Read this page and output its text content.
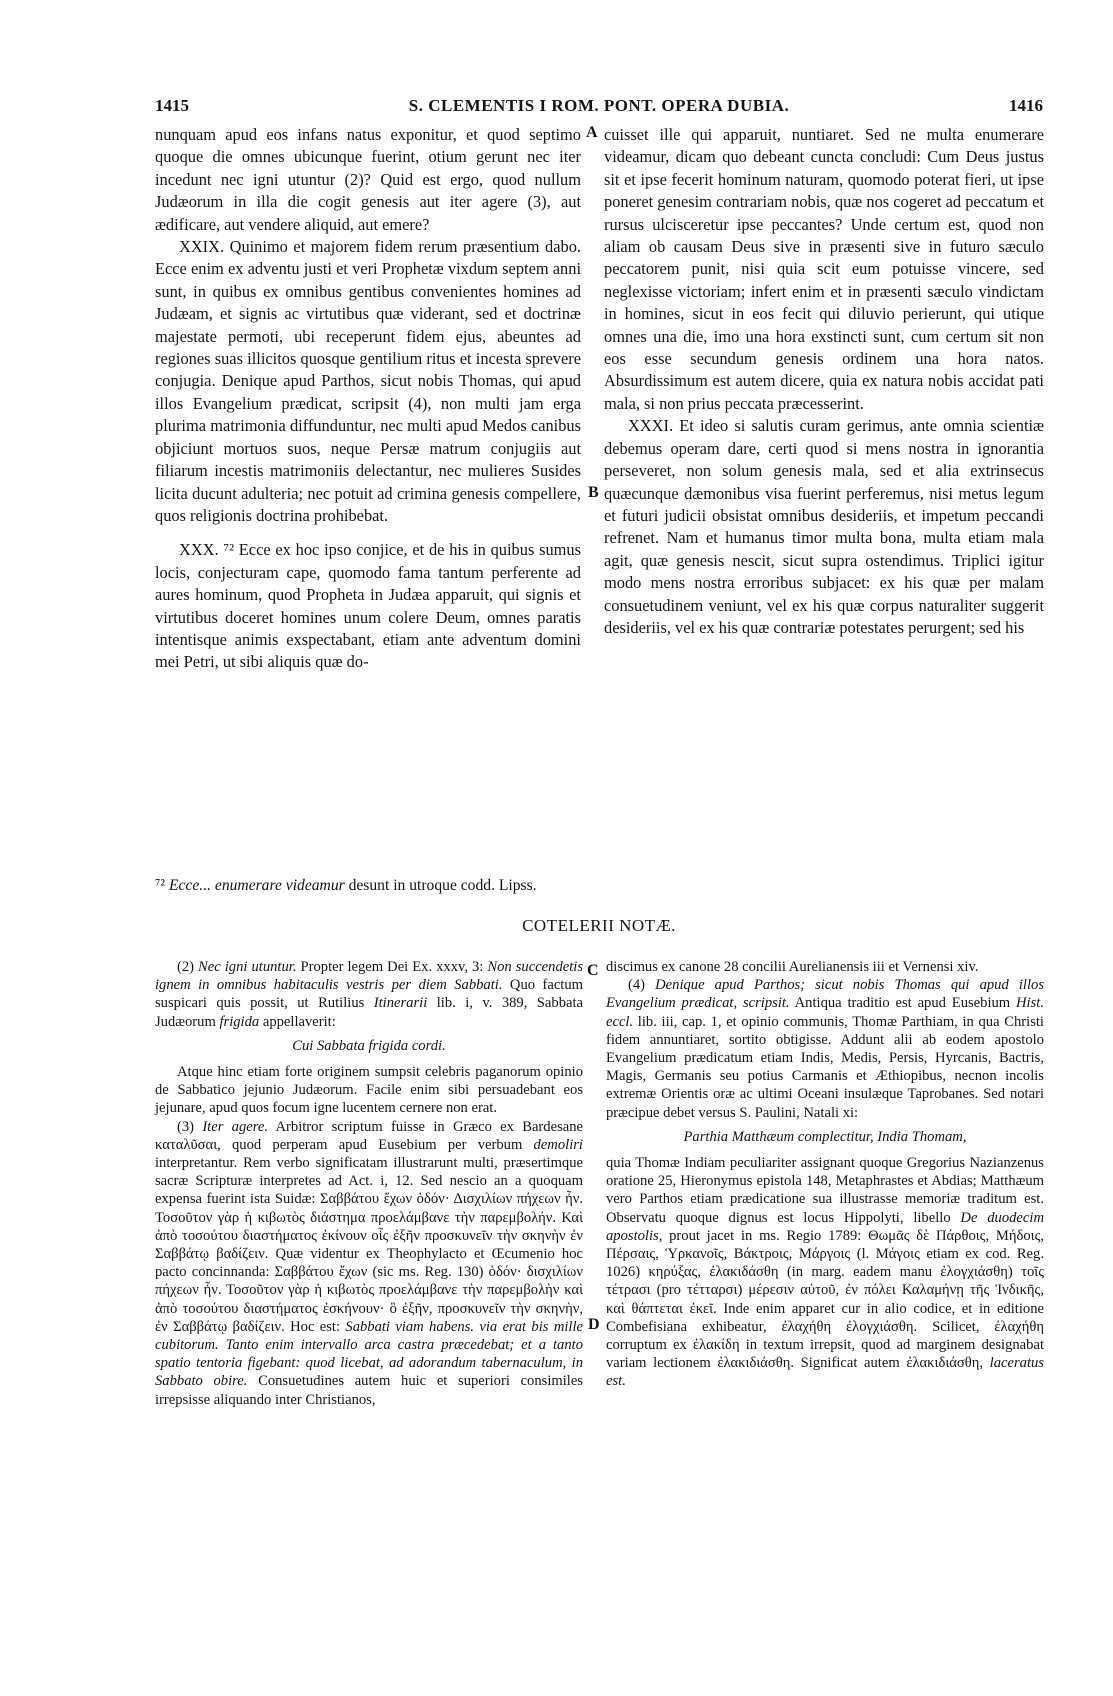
1415	S. CLEMENTIS I ROM. PONT. OPERA DUBIA.	1416
A
B
C
D

nunquam apud eos infans natus exponitur, et quod septimo quoque die omnes ubicunque fuerint, otium gerunt nec iter incedunt nec igni utuntur (2)? Quid est ergo, quod nullum Judæorum in illa die cogit genesis aut iter agere (3), aut ædificare, aut vendere aliquid, aut emere?

XXIX. Quinimo et majorem fidem rerum præsentium dabo. Ecce enim ex adventu justi et veri Prophetæ vixdum septem anni sunt, in quibus ex omnibus gentibus convenientes homines ad Judæam, et signis ac virtutibus quæ viderant, sed et doctrinæ majestate permoti, ubi receperunt fidem ejus, abeuntes ad regiones suas illicitos quosque gentilium ritus et incesta sprevere conjugia. Denique apud Parthos, sicut nobis Thomas, qui apud illos Evangelium prædicat, scripsit (4), non multi jam erga plurima matrimonia diffunduntur, nec multi apud Medos canibus objiciunt mortuos suos, neque Persæ matrum conjugiis aut filiarum incestis matrimoniis delectantur, nec mulieres Susides licita ducunt adulteria; nec potuit ad crimina genesis compellere, quos religionis doctrina prohibebat.

XXX. ⁷² Ecce ex hoc ipso conjice, et de his in quibus sumus locis, conjecturam cape, quomodo fama tantum perferente ad aures hominum, quod Propheta in Judæa apparuit, qui signis et virtutibus doceret homines unum colere Deum, omnes paratis intentisque animis exspectabant, etiam ante adventum domini mei Petri, ut sibi aliquis quæ do-

cuisset ille qui apparuit, nuntiaret. Sed ne multa enumerare videamur, dicam quo debeant cuncta concludi: Cum Deus justus sit et ipse fecerit hominum naturam, quomodo poterat fieri, ut ipse poneret genesim contrariam nobis, quæ nos cogeret ad peccatum et rursus ulcisceretur ipse peccantes? Unde certum est, quod non aliam ob causam Deus sive in præsenti sive in futuro sæculo peccatorem punit, nisi quia scit eum potuisse vincere, sed neglexisse victoriam; infert enim et in præsenti sæculo vindictam in homines, sicut in eos fecit qui diluvio perierunt, qui utique omnes una die, imo una hora exstincti sunt, cum certum sit non eos esse secundum genesis ordinem una hora natos. Absurdissimum est autem dicere, quia ex natura nobis accidat pati mala, si non prius peccata præcesserint.

XXXI. Et ideo si salutis curam gerimus, ante omnia scientiæ debemus operam dare, certi quod si mens nostra in ignorantia perseveret, non solum genesis mala, sed et alia extrinsecus quæcunque dæmonibus visa fuerint perferemus, nisi metus legum et futuri judicii obsistat omnibus desideriis, et impetum peccandi refrenet. Nam et humanus timor multa bona, multa etiam mala agit, quæ genesis nescit, sicut supra ostendimus. Triplici igitur modo mens nostra erroribus subjacet: ex his quæ per malam consuetudinem veniunt, vel ex his quæ corpus naturaliter suggerit desideriis, vel ex his quæ contrariæ potestates perurgent; sed his

⁷² Ecce... enumerare videamur desunt in utroque codd. Lipss.
COTELERII NOTÆ.

(2) Nec igni utuntur. Propter legem Dei Ex. xxxv, 3: Non succendetis ignem in omnibus habitaculis vestris per diem Sabbati. Quo factum suspicari quis possit, ut Rutilius Itinerarii lib. i, v. 389, Sabbata Judæorum frigida appellaverit:

Cui Sabbata frigida cordi.

Atque hinc etiam forte originem sumpsit celebris paganorum opinio de Sabbatico jejunio Judæorum. Facile enim sibi persuadebant eos jejunare, apud quos focum igne lucentem cernere non erat.

(3) Iter agere. Arbitror scriptum fuisse in Græco ex Bardesane καταλῦσαι, quod perperam apud Eusebium per verbum demoliri interpretantur. Rem verbo significatam illustrarunt multi, præsertimque sacræ Scripturæ interpretes ad Act. i, 12. Sed nescio an a quoquam expensa fuerint ista Suidæ: Σαββάτου ἔχων ὁδόν· Δισχιλίων πήχεων ἦν. Τοσοῦτον γὰρ ἡ κιβωτὸς διάστημα προελάμβανε τὴν παρεμβολήν. Καὶ ἀπὸ τοσούτου διαστήματος ἐκίνουν οἷς ἐξῆν προσκυνεῖν τὴν σκηνὴν ἐν Σαββάτῳ βαδίζειν. Quæ videntur ex Theophylacto et Œcumenio hoc pacto concinnanda: Σαββάτου ἔχων (sic ms. Reg. 130) ὁδόν· δισχιλίων πήχεων ἦν. Τοσοῦτον γὰρ ἡ κιβωτὸς προελάμβανε τὴν παρεμβολὴν καὶ ἀπὸ τοσούτου διαστήματος ἐσκήνουν· ὃ ἐξῆν, προσκυνεῖν τὴν σκηνὴν, ἐν Σαββάτῳ βαδίζειν. Hoc est: Sabbati viam habens. via erat bis mille cubitorum. Tanto enim intervallo arca castra præcedebat; et a tanto spatio tentoria figebant: quod licebat, ad adorandum tabernaculum, in Sabbato obire. Consuetudines autem huic et superiori consimiles irrepsisse aliquando inter Christianos,

discimus ex canone 28 concilii Aurelianensis iii et Vernensi xiv.

(4) Denique apud Parthos; sicut nobis Thomas qui apud illos Evangelium prædicat, scripsit. Antiqua traditio est apud Eusebium Hist. eccl. lib. iii, cap. 1, et opinio communis, Thomæ Parthiam, in qua Christi fidem annuntiaret, sortito obtigisse. Addunt alii ab eodem apostolo Evangelium prædicatum etiam Indis, Medis, Persis, Hyrcanis, Bactris, Magis, Germanis seu potius Carmanis et Æthiopibus, necnon incolis extremæ Orientis oræ ac ultimi Oceani insulæque Taprobanes. Sed notari præcipue debet versus S. Paulini, Natali xi:

Parthia Matthæum complectitur, India Thomam,

quia Thomæ Indiam peculiariter assignant quoque Gregorius Nazianzenus oratione 25, Hieronymus epistola 148, Metaphrastes et Abdias; Matthæum vero Parthos etiam prædicatione sua illustrasse memoriæ traditum est. Observatu quoque dignus est locus Hippolyti, libello De duodecim apostolis, prout jacet in ms. Regio 1789: Θωμᾶς δὲ Πάρθοις, Μήδοις, Πέρσαις, Ὑρκανοῖς, Βάκτροις, Μάργοις (l. Μάγοις etiam ex cod. Reg. 1026) κηρύξας, ἐλακιδάσθη (in marg. eadem manu ἐλογχιάσθη) τοῖς τέτρασι (pro τέτταρσι) μέρεσιν αὐτοῦ, ἐν πόλει Καλαμήνῃ τῆς Ἰνδικῆς, καὶ θάπτεται ἐκεῖ. Inde enim apparet cur in alio codice, et in editione Combefisiana exhibeatur, ἐλαχήθη ἐλογχιάσθη. Scilicet, ἐλαχήθη corruptum ex ἐλακίδη in textum irrepsit, quod ad marginem designabat variam lectionem ἐλακιδιάσθη. Significat autem ἐλακιδιάσθη, laceratus est.
